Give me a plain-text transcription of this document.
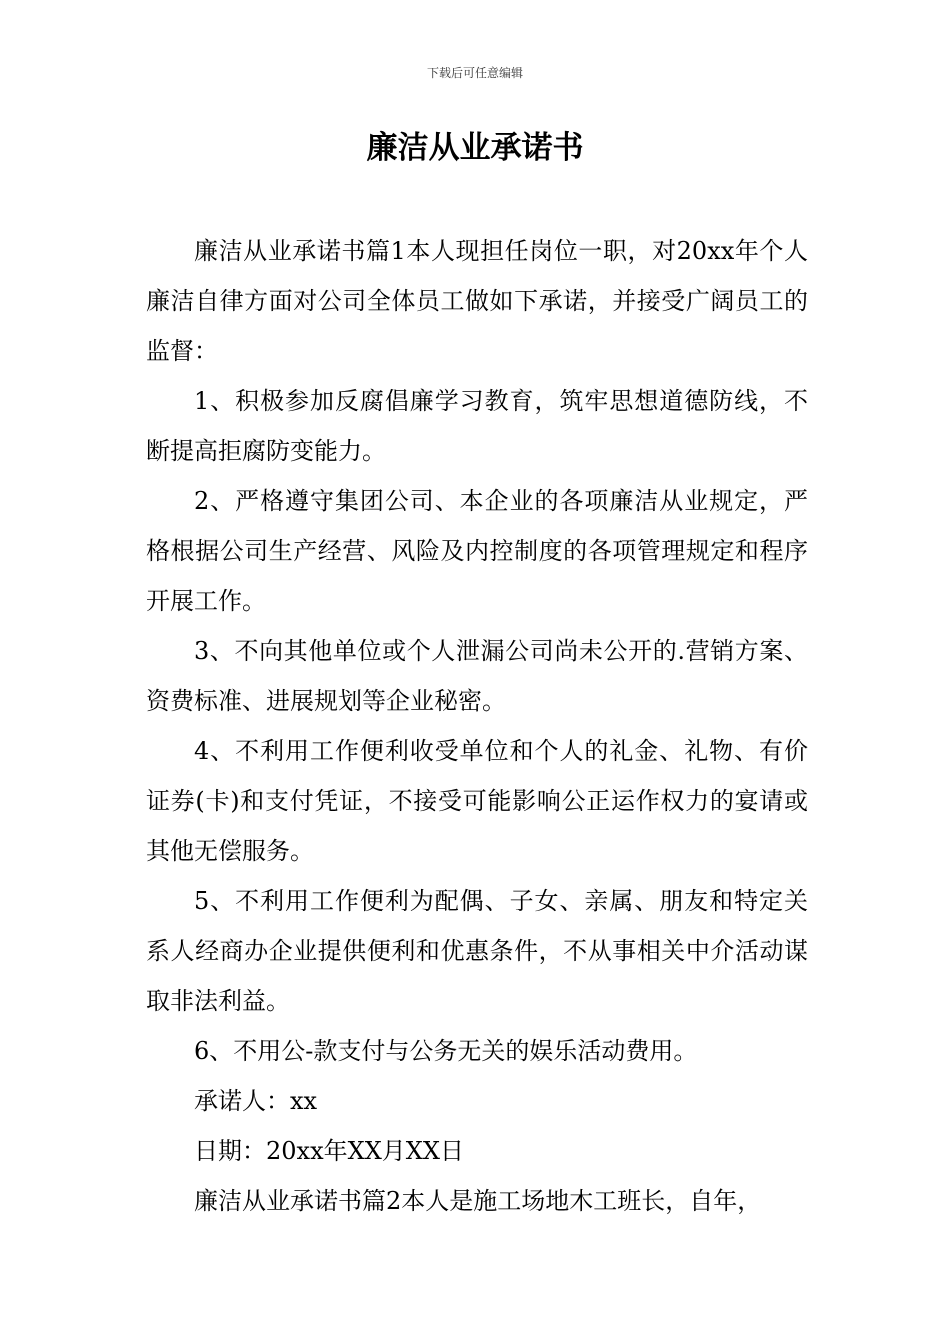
下载后可任意编辑
廉洁从业承诺书

廉洁从业承诺书篇1本人现担任岗位一职，对20xx年个人廉洁自律方面对公司全体员工做如下承诺，并接受广阔员工的监督：

1、积极参加反腐倡廉学习教育，筑牢思想道德防线，不断提高拒腐防变能力。

2、严格遵守集团公司、本企业的各项廉洁从业规定，严格根据公司生产经营、风险及内控制度的各项管理规定和程序开展工作。

3、不向其他单位或个人泄漏公司尚未公开的.营销方案、资费标准、进展规划等企业秘密。

4、不利用工作便利收受单位和个人的礼金、礼物、有价证券(卡)和支付凭证，不接受可能影响公正运作权力的宴请或其他无偿服务。

5、不利用工作便利为配偶、子女、亲属、朋友和特定关系人经商办企业提供便利和优惠条件，不从事相关中介活动谋取非法利益。

6、不用公-款支付与公务无关的娱乐活动费用。

承诺人：xx

日期：20xx年XX月XX日

廉洁从业承诺书篇2本人是施工场地木工班长，自年，
